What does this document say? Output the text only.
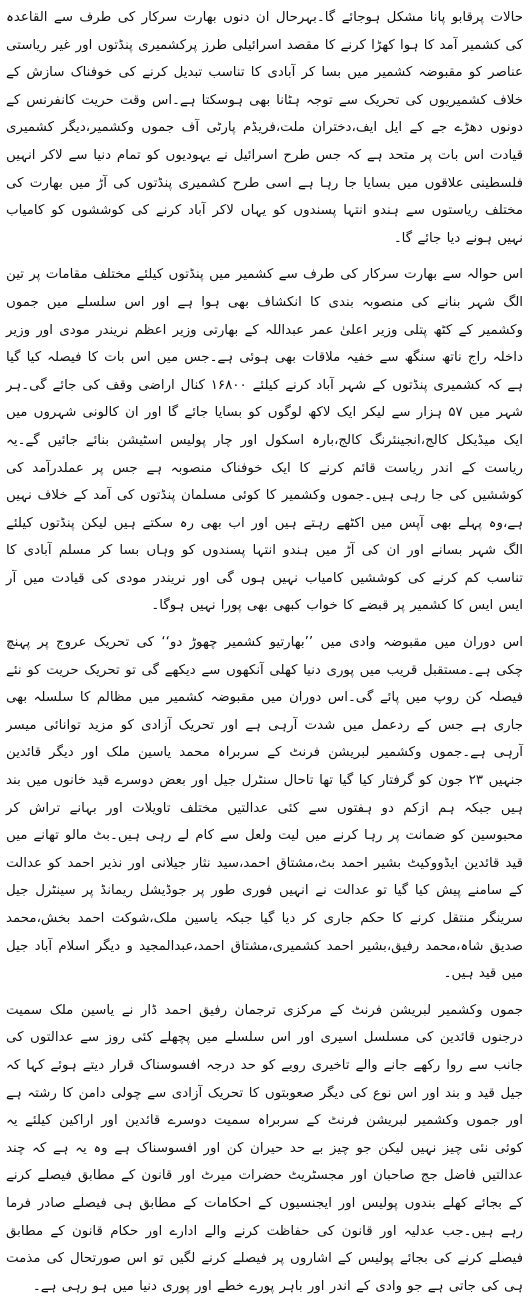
حالات پرقابو پانا مشکل ہوجائے گا۔بہرحال ان دنوں بھارت سرکار کی طرف سے القاعدہ کی کشمیر آمد کا ہوا کھڑا کرنے کا مقصد اسرائیلی طرز پرکشمیری پنڈتوں اور غیر ریاستی عناصر کو مقبوضہ کشمیر میں بسا کر آبادی کا تناسب تبدیل کرنے کی خوفناک سازش کے خلاف کشمیریوں کی تحریک سے توجہ ہٹانا بھی ہوسکتا ہے۔اس وقت حریت کانفرنس کے دونوں دھڑے جے کے ایل ایف،دختران ملت،فریڈم پارٹی آف جموں وکشمیر،دیگر کشمیری قیادت اس بات پر متحد ہے کہ جس طرح اسرائیل نے یہودیوں کو تمام دنیا سے لاکر انہیں فلسطینی علاقوں میں بسایا جا رہا ہے اسی طرح کشمیری پنڈتوں کی آڑ میں بھارت کی مختلف ریاستوں سے ہندو انتہا پسندوں کو یہاں لاکر آباد کرنے کی کوششوں کو کامیاب نہیں ہونے دیا جائے گا۔

اس حوالہ سے بھارت سرکار کی طرف سے کشمیر میں پنڈتوں کیلئے مختلف مقامات پر تین الگ شہر بنانے کی منصوبہ بندی کا انکشاف بھی ہوا ہے اور اس سلسلے میں جموں وکشمیر کے کٹھ پتلی وزیر اعلیٰ عمر عبداللہ کے بھارتی وزیر اعظم نریندر مودی اور وزیر داخلہ راج ناتھ سنگھ سے خفیہ ملاقات بھی ہوئی ہے۔جس میں اس بات کا فیصلہ کیا گیا ہے کہ کشمیری پنڈتوں کے شہر آباد کرنے کیلئے ۱۶۸۰۰ کنال اراضی وقف کی جائے گی۔ہر شہر میں ۵۷ ہزار سے لیکر ایک لاکھ لوگوں کو بسایا جائے گا اور ان کالونی شہروں میں ایک میڈیکل کالج،انجینئرنگ کالج،بارہ اسکول اور چار پولیس اسٹیشن بنائے جائیں گے۔یہ ریاست کے اندر ریاست قائم کرنے کا ایک خوفناک منصوبہ ہے جس پر عملدرآمد کی کوششیں کی جا رہی ہیں۔جموں وکشمیر کا کوئی مسلمان پنڈتوں کی آمد کے خلاف نہیں ہے،وہ پہلے بھی آپس میں اکٹھے رہتے ہیں اور اب بھی رہ سکتے ہیں لیکن پنڈتوں کیلئے الگ شہر بسانے اور ان کی آڑ میں ہندو انتہا پسندوں کو وہاں بسا کر مسلم آبادی کا تناسب کم کرنے کی کوششیں کامیاب نہیں ہوں گی اور نریندر مودی کی قیادت میں آر ایس ایس کا کشمیر پر قبضے کا خواب کبھی بھی پورا نہیں ہوگا۔

اس دوران میں مقبوضہ وادی میں ’’بھارتیو کشمیر چھوڑ دو‘‘ کی تحریک عروج پر پہنچ چکی ہے۔مستقبل قریب میں پوری دنیا کھلی آنکھوں سے دیکھے گی تو تحریک حریت کو نئے فیصلہ کن روپ میں پائے گی۔اس دوران میں مقبوضہ کشمیر میں مظالم کا سلسلہ بھی جاری ہے جس کے ردعمل میں شدت آرہی ہے اور تحریک آزادی کو مزید توانائی میسر آرہی ہے۔جموں وکشمیر لبریشن فرنٹ کے سربراہ محمد یاسین ملک اور دیگر قائدین جنہیں ۲۳ جون کو گرفتار کیا گیا تھا تاحال سنٹرل جیل اور بعض دوسرے قید خانوں میں بند ہیں جبکہ ہم ازکم دو ہفتوں سے کئی عدالتیں مختلف تاویلات اور بہانے تراش کر محبوسین کو ضمانت پر رہا کرنے میں لیت ولعل سے کام لے رہی ہیں۔بٹ مالو تھانے میں قید قائدین ایڈووکیٹ بشیر احمد بٹ،مشتاق احمد،سید نثار جیلانی اور نذیر احمد کو عدالت کے سامنے پیش کیا گیا تو عدالت نے انہیں فوری طور پر جوڈیشل ریمانڈ پر سینٹرل جیل سرینگر منتقل کرنے کا حکم جاری کر دیا گیا جبکہ یاسین ملک،شوکت احمد بخش،محمد صدیق شاہ،محمد رفیق،بشیر احمد کشمیری،مشتاق احمد،عبدالمجید و دیگر اسلام آباد جیل میں قید ہیں۔

جموں وکشمیر لبریشن فرنٹ کے مرکزی ترجمان رفیق احمد ڈار نے یاسین ملک سمیت درجنوں قائدین کی مسلسل اسیری اور اس سلسلے میں پچھلے کئی روز سے عدالتوں کی جانب سے روا رکھے جانے والے تاخیری رویے کو حد درجہ افسوسناک قرار دیتے ہوئے کہا کہ جیل قید و بند اور اس نوع کی دیگر صعوبتوں کا تحریک آزادی سے چولی دامن کا رشتہ ہے اور جموں وکشمیر لبریشن فرنٹ کے سربراہ سمیت دوسرے قائدین اور اراکین کیلئے یہ کوئی نئی چیز نہیں لیکن جو چیز بے حد حیران کن اور افسوسناک ہے وہ یہ ہے کہ چند عدالتیں فاضل جج صاحبان اور مجسٹریٹ حضرات میرٹ اور قانون کے مطابق فیصلے کرنے کے بجائے کھلے بندوں پولیس اور ایجنسیوں کے احکامات کے مطابق ہی فیصلے صادر فرما رہے ہیں۔جب عدلیہ اور قانون کی حفاظت کرنے والے ادارے اور حکام قانون کے مطابق فیصلے کرنے کی بجائے پولیس کے اشاروں پر فیصلے کرنے لگیں تو اس صورتحال کی مذمت ہی کی جاتی ہے جو وادی کے اندر اور باہر پورے خطے اور پوری دنیا میں ہو رہی ہے۔
